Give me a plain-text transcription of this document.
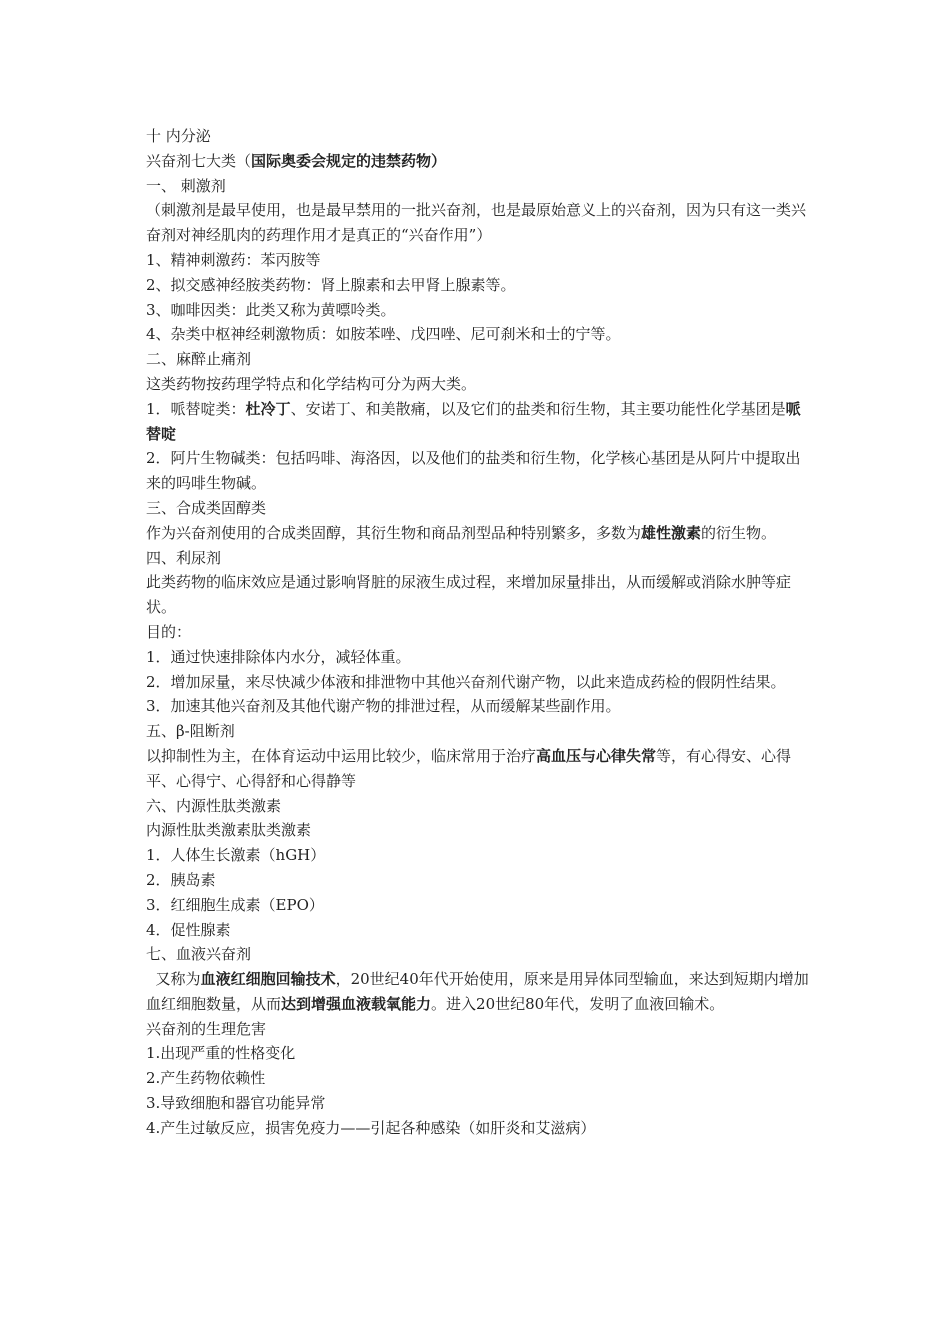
十 内分泌

兴奋剂七大类（国际奥委会规定的违禁药物）

一、 刺激剂

（刺激剂是最早使用，也是最早禁用的一批兴奋剂，也是最原始意义上的兴奋剂，因为只有这一类兴奋剂对神经肌肉的药理作用才是真正的“兴奋作用”）

1、精神刺激药：苯丙胺等

2、拟交感神经胺类药物：肾上腺素和去甲肾上腺素等。

3、咖啡因类：此类又称为黄嘌呤类。

4、杂类中枢神经刺激物质：如胺苯唑、戊四唑、尼可刹米和士的宁等。

二、麻醉止痛剂

这类药物按药理学特点和化学结构可分为两大类。

1．哌替啶类：杜冷丁、安诺丁、和美散痛，以及它们的盐类和衍生物，其主要功能性化学基团是哌替啶

2．阿片生物碱类：包括吗啡、海洛因，以及他们的盐类和衍生物，化学核心基团是从阿片中提取出来的吗啡生物碱。

三、合成类固醇类

作为兴奋剂使用的合成类固醇，其衍生物和商品剂型品种特别繁多，多数为雄性激素的衍生物。

四、利尿剂

此类药物的临床效应是通过影响肾脏的尿液生成过程，来增加尿量排出，从而缓解或消除水肿等症状。

目的：

1．通过快速排除体内水分，减轻体重。

2．增加尿量，来尽快减少体液和排泄物中其他兴奋剂代谢产物，以此来造成药检的假阴性结果。

3．加速其他兴奋剂及其他代谢产物的排泄过程，从而缓解某些副作用。

五、β-阻断剂

以抑制性为主，在体育运动中运用比较少，临床常用于治疗高血压与心律失常等，有心得安、心得平、心得宁、心得舒和心得静等

六、内源性肽类激素

内源性肽类激素肽类激素

1．人体生长激素（hGH）

2．胰岛素

3．红细胞生成素（EPO）

4．促性腺素

七、血液兴奋剂

又称为血液红细胞回输技术，20世纪40年代开始使用，原来是用异体同型输血，来达到短期内增加血红细胞数量，从而达到增强血液载氧能力。进入20世纪80年代，发明了血液回输术。

兴奋剂的生理危害

1.出现严重的性格变化

2.产生药物依赖性

3.导致细胞和器官功能异常

4.产生过敏反应，损害免疫力——引起各种感染（如肝炎和艾滋病）
